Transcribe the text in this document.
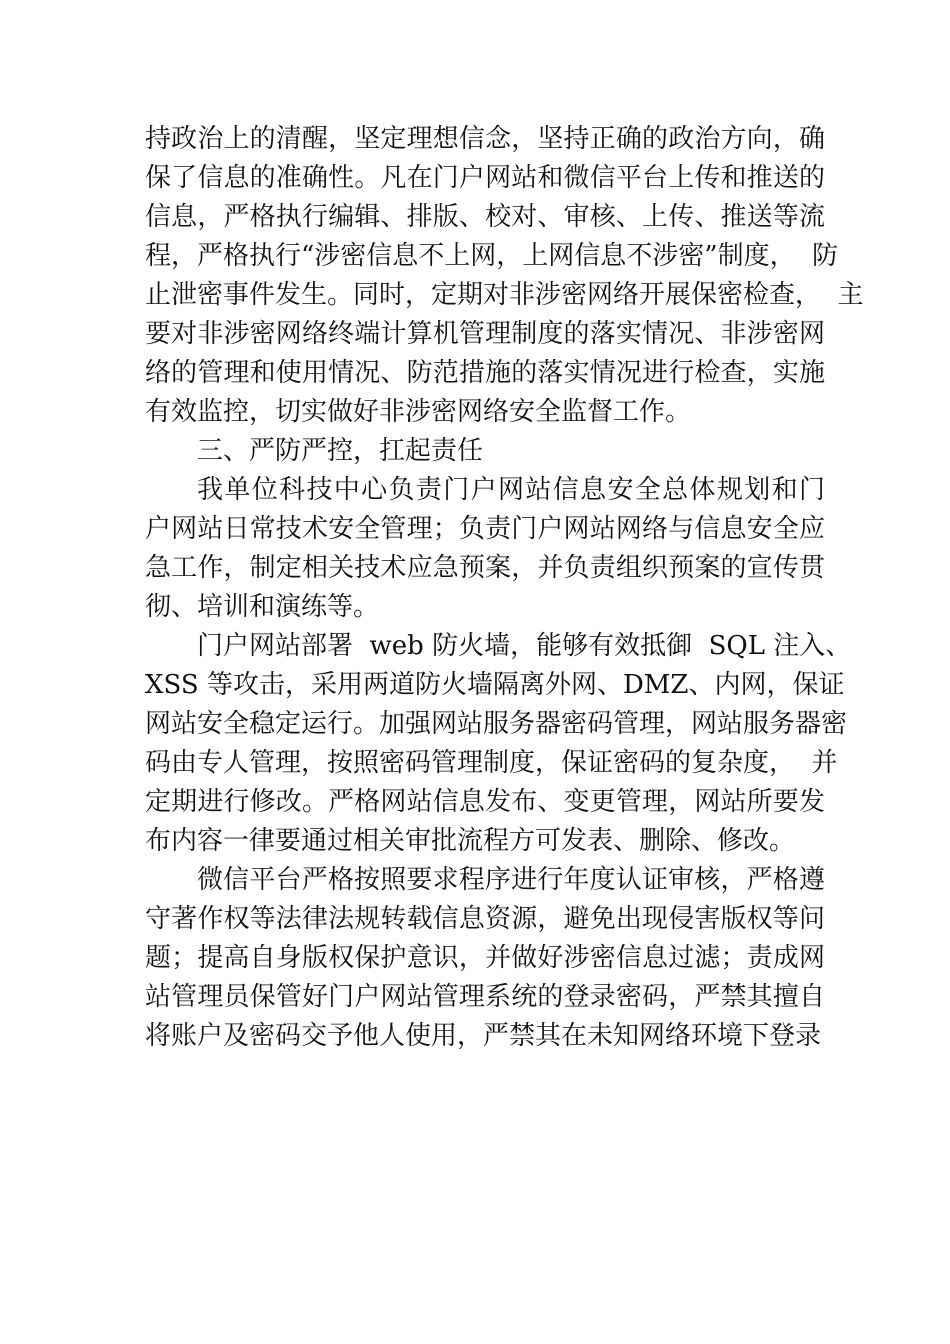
持政治上的清醒，坚定理想信念，坚持正确的政治方向，确
保了信息的准确性。凡在门户网站和微信平台上传和推送的
信息，严格执行编辑、排版、校对、审核、上传、推送等流
程，严格执行“涉密信息不上网，上网信息不涉密”制度，  防
止泄密事件发生。同时，定期对非涉密网络开展保密检查，  主
要对非涉密网络终端计算机管理制度的落实情况、非涉密网
络的管理和使用情况、防范措施的落实情况进行检查，实施
有效监控，切实做好非涉密网络安全监督工作。
三、严防严控，扛起责任
我单位科技中心负责门户网站信息安全总体规划和门
户网站日常技术安全管理；负责门户网站网络与信息安全应
急工作，制定相关技术应急预案，并负责组织预案的宣传贯
彻、培训和演练等。
门户网站部署  web 防火墙，能够有效抵御  SQL 注入、
XSS 等攻击，采用两道防火墙隔离外网、DMZ、内网，保证
网站安全稳定运行。加强网站服务器密码管理，网站服务器密
码由专人管理，按照密码管理制度，保证密码的复杂度，  并
定期进行修改。严格网站信息发布、变更管理，网站所要发
布内容一律要通过相关审批流程方可发表、删除、修改。
微信平台严格按照要求程序进行年度认证审核，严格遵
守著作权等法律法规转载信息资源，避免出现侵害版权等问
题；提高自身版权保护意识，并做好涉密信息过滤；责成网
站管理员保管好门户网站管理系统的登录密码，严禁其擅自
将账户及密码交予他人使用，严禁其在未知网络环境下登录
